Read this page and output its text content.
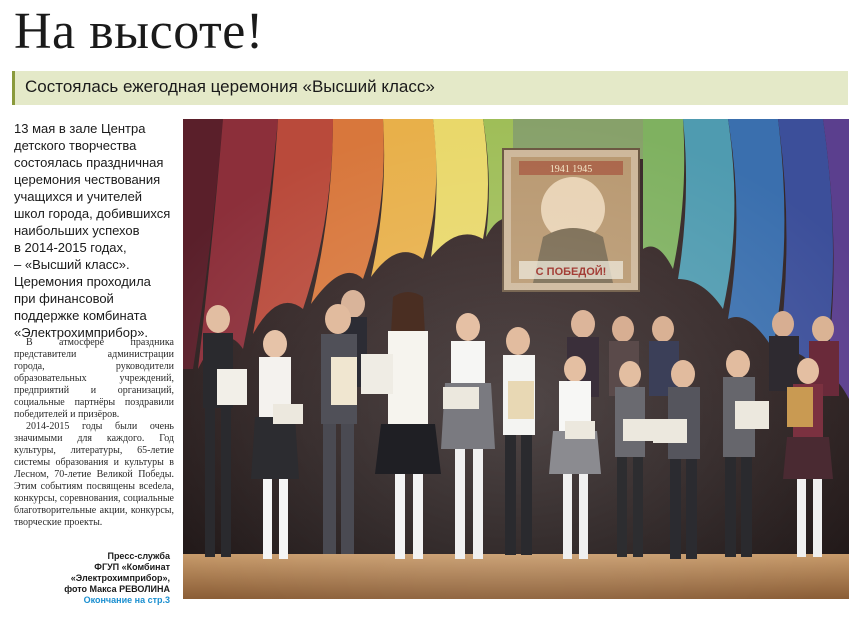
На высоте!
Состоялась ежегодная церемония «Высший класс»

13 мая в зале Центра

детского творчества

состоялась праздничная

церемония чествования

учащихся и учителей

школ города, добившихся

наибольших успехов

в 2014-2015 годах,

– «Высший класс».

Церемония проходила

при финансовой

поддержке комбината

«Электрохимприбор».

В атмосфере праздника представители администрации города, руководители образовательных учреждений, предприятий и организаций, социальные партнёры поздравили победителей и призёров.

2014-2015 годы были очень значимыми для каждого. Год культуры, литературы, 65-летие системы образования и культуры в Лесном, 70-летие Великой Победы. Этим событиям посвящены всеdела, конкурсы, соревнования, социальные благотворительные акции, конкурсы, творческие проекты.

Пресс-служба
ФГУП «Комбинат
«Электрохимприбор»,
фото Макса РЕВОЛИНА
Окончание на стр.3
